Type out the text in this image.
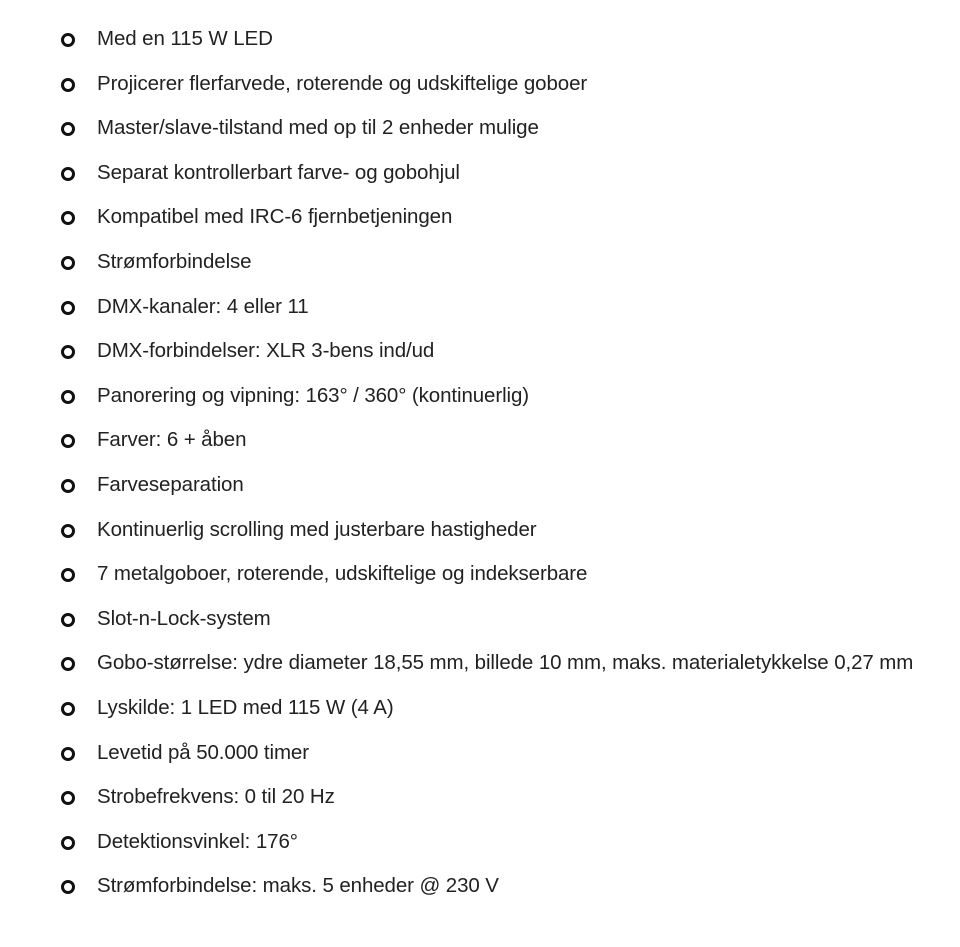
Med en 115 W LED
Projicerer flerfarvede, roterende og udskiftelige goboer
Master/slave-tilstand med op til 2 enheder mulige
Separat kontrollerbart farve- og gobohjul
Kompatibel med IRC-6 fjernbetjeningen
Strømforbindelse
DMX-kanaler: 4 eller 11
DMX-forbindelser: XLR 3-bens ind/ud
Panorering og vipning: 163° / 360° (kontinuerlig)
Farver: 6 + åben
Farveseparation
Kontinuerlig scrolling med justerbare hastigheder
7 metalgoboer, roterende, udskiftelige og indekserbare
Slot-n-Lock-system
Gobo-størrelse: ydre diameter 18,55 mm, billede 10 mm, maks. materialetykkelse 0,27 mm
Lyskilde: 1 LED med 115 W (4 A)
Levetid på 50.000 timer
Strobefrekvens: 0 til 20 Hz
Detektionsvinkel: 176°
Strømforbindelse: maks. 5 enheder @ 230 V
